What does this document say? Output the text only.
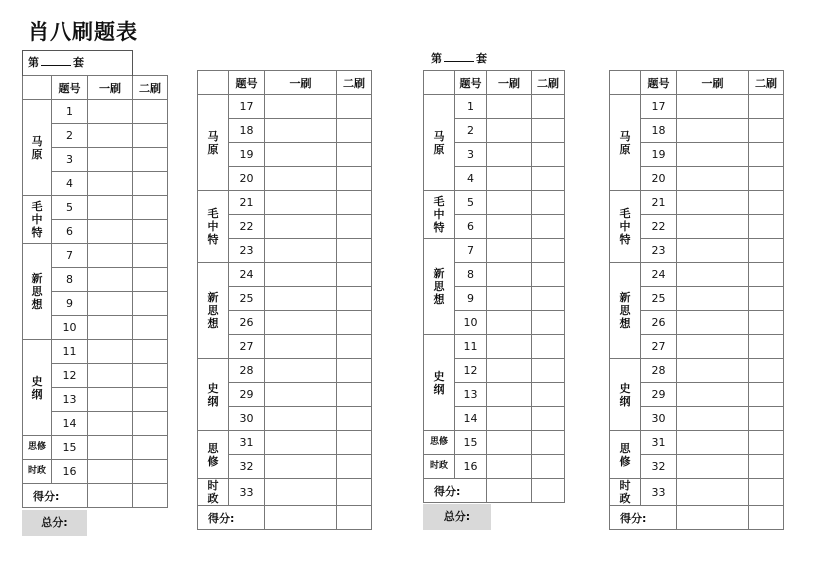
肖八刷题表
	题号	一刷	二刷
马原	1		
	2		
	3		
	4		
毛中特	5		
	6		
新思想	7		
	8		
	9		
	10		
史纲	11		
	12		
	13		
	14		
思修	15		
时政	16		
得分:			
第	套
总分:
	题号	一刷	二刷
马原	17		
	18		
	19		
	20		
毛中特	21		
	22		
	23		
新思想	24		
	25		
	26		
	27		
史纲	28		
	29		
	30		
思修	31		
	32		
时政	33		
得分:			
	题号	一刷	二刷
马原	1		
	2		
	3		
	4		
毛中特	5		
	6		
新思想	7		
	8		
	9		
	10		
史纲	11		
	12		
	13		
	14		
思修	15		
时政	16		
得分:			
第	套
总分:
	题号	一刷	二刷
马原	17		
	18		
	19		
	20		
毛中特	21		
	22		
	23		
新思想	24		
	25		
	26		
	27		
史纲	28		
	29		
	30		
思修	31		
	32		
时政	33		
得分:			
